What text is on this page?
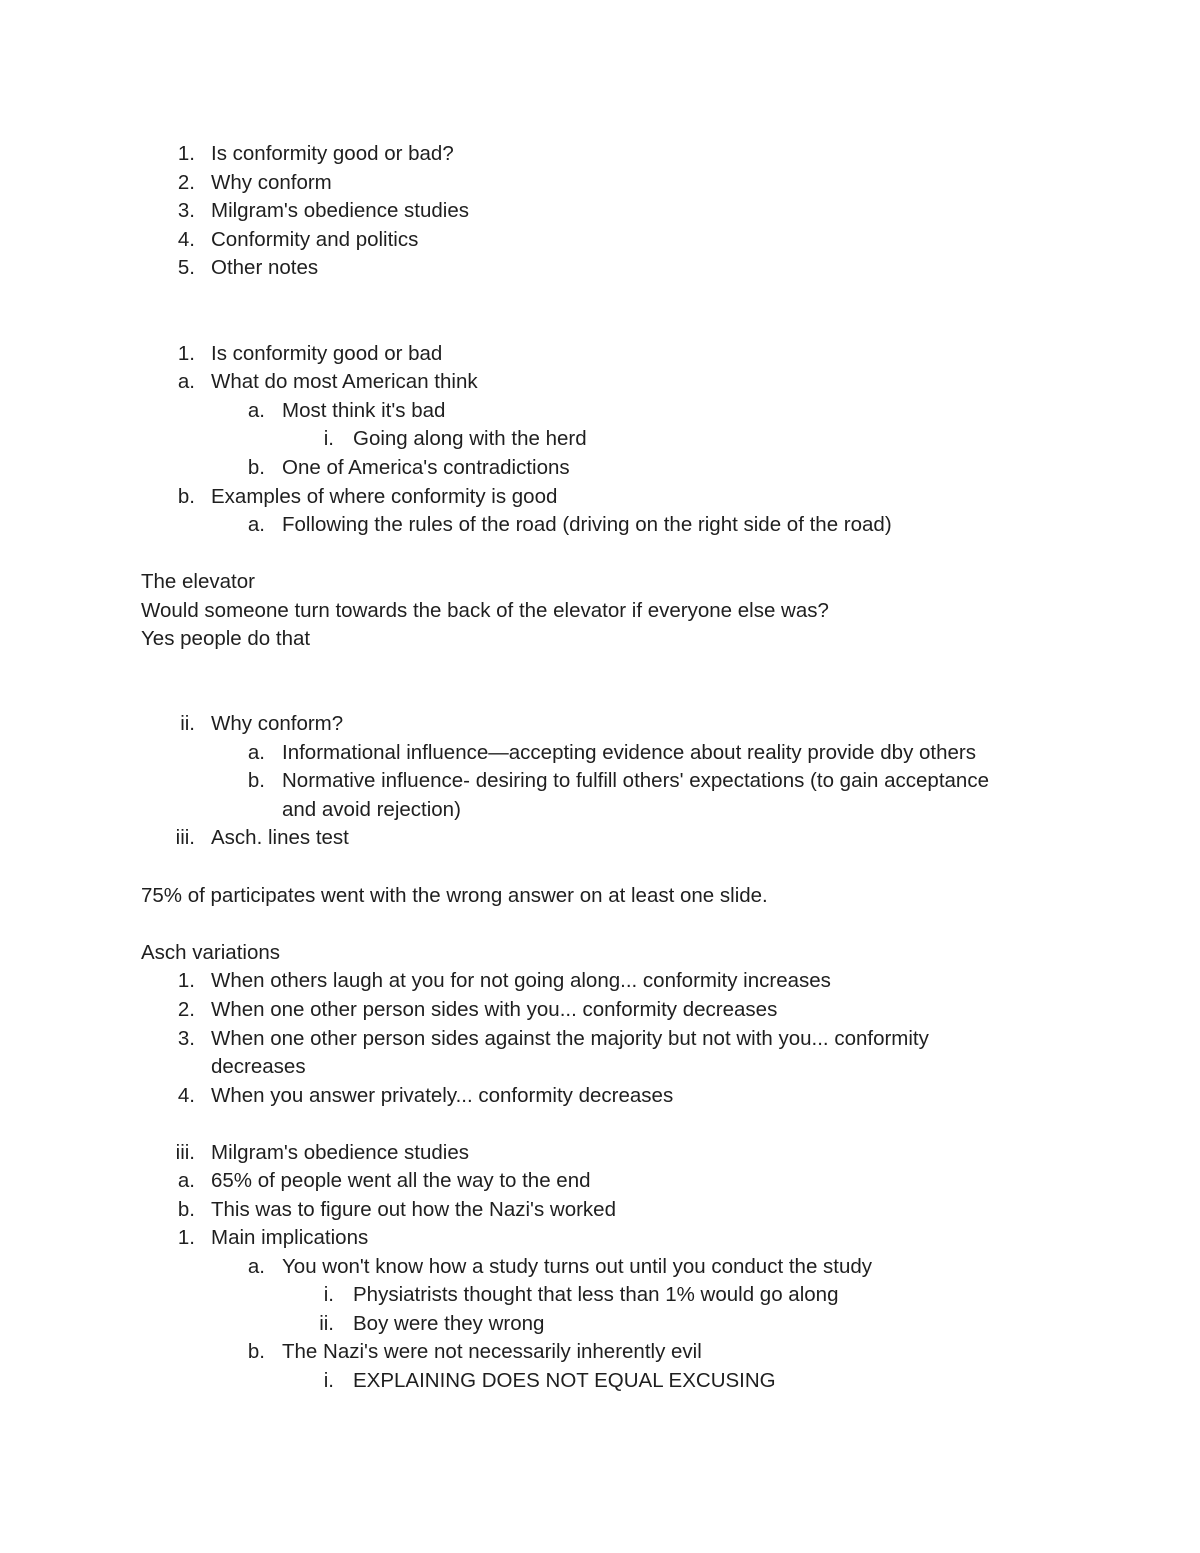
1. Is conformity good or bad?
2. Why conform
3. Milgram's obedience studies
4. Conformity and politics
5. Other notes
1. Is conformity good or bad
a. What do most American think
a. Most think it's bad
i. Going along with the herd
b. One of America's contradictions
b. Examples of where conformity is good
a. Following the rules of the road (driving on the right side of the road)
The elevator
Would someone turn towards the back of the elevator if everyone else was?
Yes people do that
ii. Why conform?
a. Informational influence—accepting evidence about reality provide dby others
b. Normative influence- desiring to fulfill others' expectations (to gain acceptance
and avoid rejection)
iii. Asch. lines test
75% of participates went with the wrong answer on at least one slide.
Asch variations
1. When others laugh at you for not going along... conformity increases
2. When one other person sides with you... conformity decreases
3. When one other person sides against the majority but not with you... conformity
decreases
4. When you answer privately... conformity decreases
iii. Milgram's obedience studies
a. 65% of people went all the way to the end
b. This was to figure out how the Nazi's worked
1. Main implications
a. You won't know how a study turns out until you conduct the study
i. Physiatrists thought that less than 1% would go along
ii. Boy were they wrong
b. The Nazi's were not necessarily inherently evil
i. EXPLAINING DOES NOT EQUAL EXCUSING
